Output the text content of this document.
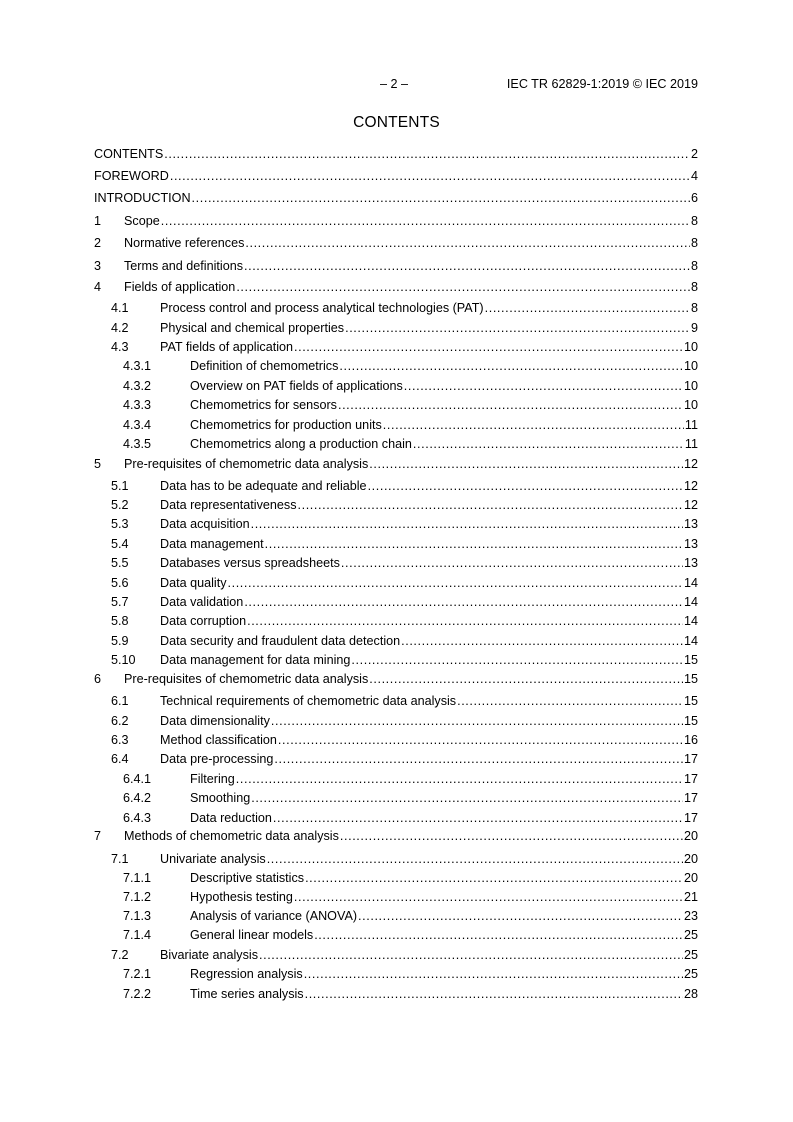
– 2 –	IEC TR 62829-1:2019 © IEC 2019
CONTENTS
CONTENTS .....	2
FOREWORD .....	4
INTRODUCTION .....	6
1 Scope .....	8
2 Normative references .....	8
3 Terms and definitions .....	8
4 Fields of application .....	8
4.1 Process control and process analytical technologies (PAT) .....	8
4.2 Physical and chemical properties .....	9
4.3 PAT fields of application .....	10
4.3.1	Definition of chemometrics .....	10
4.3.2	Overview on PAT fields of applications .....	10
4.3.3	Chemometrics for sensors .....	10
4.3.4	Chemometrics for production units .....	11
4.3.5	Chemometrics along a production chain .....	11
5 Pre-requisites of chemometric data analysis .....	12
5.1 Data has to be adequate and reliable .....	12
5.2 Data representativeness .....	12
5.3 Data acquisition .....	13
5.4 Data management .....	13
5.5 Databases versus spreadsheets .....	13
5.6 Data quality .....	14
5.7 Data validation .....	14
5.8 Data corruption .....	14
5.9 Data security and fraudulent data detection .....	14
5.10 Data management for data mining .....	15
6 Pre-requisites of chemometric data analysis .....	15
6.1 Technical requirements of chemometric data analysis .....	15
6.2 Data dimensionality .....	15
6.3 Method classification .....	16
6.4 Data pre-processing .....	17
6.4.1	Filtering .....	17
6.4.2	Smoothing .....	17
6.4.3	Data reduction .....	17
7 Methods of chemometric data analysis .....	20
7.1 Univariate analysis .....	20
7.1.1	Descriptive statistics .....	20
7.1.2	Hypothesis testing .....	21
7.1.3	Analysis of variance (ANOVA) .....	23
7.1.4	General linear models .....	25
7.2 Bivariate analysis .....	25
7.2.1	Regression analysis .....	25
7.2.2	Time series analysis .....	28
